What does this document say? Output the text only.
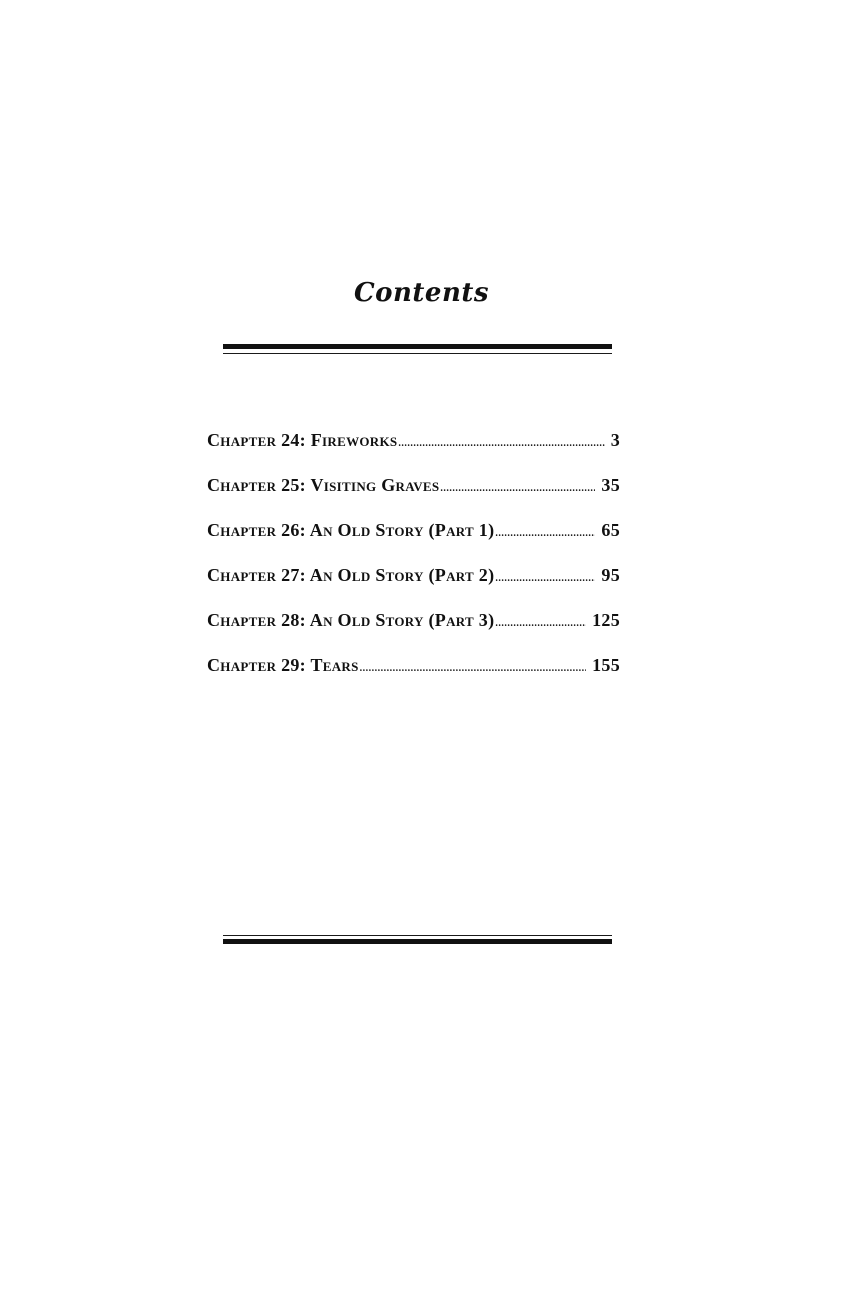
Contents
Chapter 24: Fireworks .....	3
Chapter 25: Visiting Graves .....	35
Chapter 26: An Old Story (Part 1) .....	65
Chapter 27: An Old Story (Part 2) .....	95
Chapter 28: An Old Story (Part 3) .....	125
Chapter 29: Tears .....	155
